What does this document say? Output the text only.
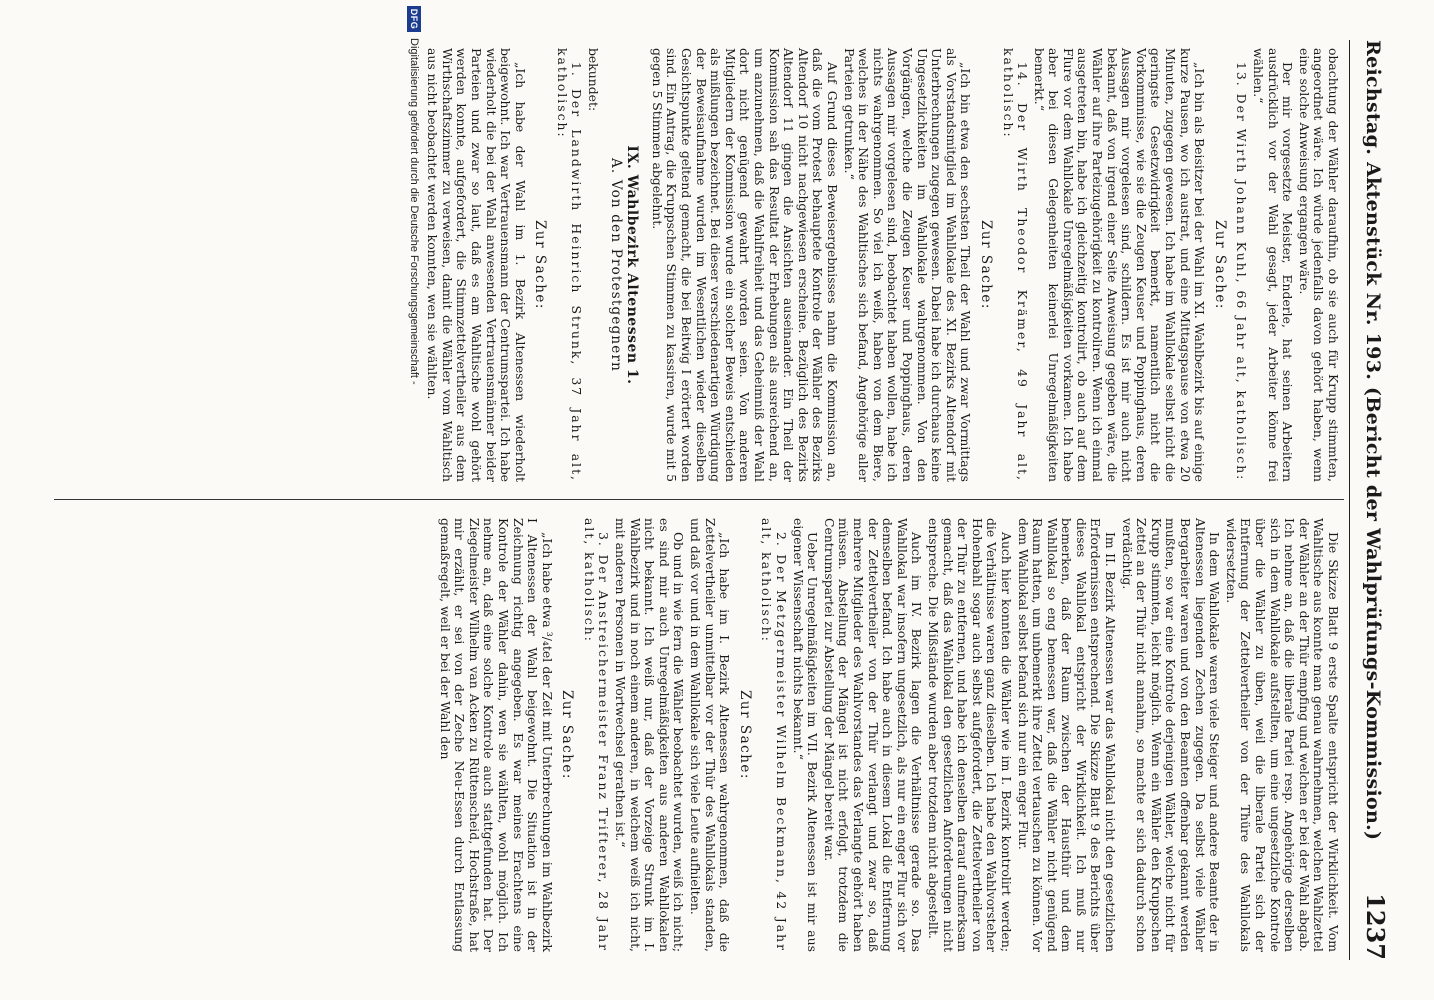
Reichstag. Aktenstück Nr. 193. (Bericht der Wahlprüfungs-Kommission.)
1237

obachtung der Wähler daraufhin, ob sie auch für Krupp stimmten, angeordnet wäre. Ich würde jedenfalls davon gehört haben, wenn eine solche Anweisung ergangen wäre.

Der mir vorgesetzte Meister, Enderle, hat seinen Arbeitern ausdrücklich vor der Wahl gesagt, jeder Arbeiter könne frei wählen.“

13. Der Wirth Johann Kuhl, 66 Jahr alt, katholisch:

Zur Sache:

„Ich bin als Beisitzer bei der Wahl im XI. Wahlbezirk bis auf einige kurze Pausen, wo ich austrat, und eine Mittagspause von etwa 20 Minuten, zugegen gewesen. Ich habe im Wahllokale selbst nicht die geringste Gesetzwidrigkeit bemerkt, namentlich nicht die Vorkommnisse, wie sie die Zeugen Keuser und Poppinghaus, deren Aussagen mir vorgelesen sind, schildern. Es ist mir auch nicht bekannt, daß von irgend einer Seite Anweisung gegeben wäre, die Wähler auf ihre Parteizugehörigkeit zu kontroliren. Wenn ich einmal ausgetreten bin, habe ich gleichzeitig kontrolirt, ob auch auf dem Flure vor dem Wahllokale Unregelmäßigkeiten vorkamen. Ich habe aber bei diesen Gelegenheiten keinerlei Unregelmäßigkeiten bemerkt.“

14. Der Wirth Theodor Krämer, 49 Jahr alt, katholisch:

Zur Sache:

„Ich bin etwa den sechsten Theil der Wahl und zwar Vormittags als Vorstandsmitglied im Wahllokale des XI. Bezirks Altendorf mit Unterbrechungen zugegen gewesen. Dabei habe ich durchaus keine Ungesetzlichkeiten im Wahllokale wahrgenommen. Von den Vorgängen, welche die Zeugen Keuser und Poppinghaus, deren Aussagen mir vorgelesen sind, beobachtet haben wollen, habe ich nichts wahrgenommen. So viel ich weiß, haben von dem Biere, welches in der Nähe des Wahltisches sich befand, Angehörige aller Parteien getrunken.“

Auf Grund dieses Beweisergebnisses nahm die Kommission an, daß die vom Protest behauptete Kontrole der Wähler des Bezirks Altendorf 10 nicht nachgewiesen erscheine. Bezüglich des Bezirks Altendorf 11 gingen die Ansichten auseinander. Ein Theil der Kommission sah das Resultat der Erhebungen als ausreichend an, um anzunehmen, daß die Wahlfreiheit und das Geheimniß der Wahl dort nicht genügend gewahrt worden seien. Von anderen Mitgliedern der Kommission wurde ein solcher Beweis entschieden als mißlungen bezeichnet. Bei dieser verschiedenartigen Würdigung der Beweisaufnahme wurden im Wesentlichen wieder dieselben Gesichtspunkte geltend gemacht, die bei Beitwig I erörtert worden sind. Ein Antrag, die Kruppschen Stimmen zu kassiren, wurde mit 5 gegen 5 Stimmen abgelehnt.

IX. Wahlbezirk Altenessen 1.

A. Von den Protestgegnern

bekundet:

1. Der Landwirth Heinrich Strunk, 37 Jahr alt, katholisch:

Zur Sache:

„Ich habe der Wahl im 1. Bezirk Altenessen wiederholt beigewohnt. Ich war Vertrauensmann der Centrumspartei. Ich habe wiederholt die bei der Wahl anwesenden Vertrauensmänner beider Parteien und zwar so laut, daß es am Wahltische wohl gehört werden konnte, aufgefordert, die Stimmzettelvertheiler aus dem Wirthschaftszimmer zu verweisen, damit die Wähler vom Wahltisch aus nicht beobachtet werden konnten, wen sie wählten.

Die Skizze Blatt 9 erste Spalte entspricht der Wirklichkeit. Vom Wahltische aus konnte man genau wahrnehmen, welchen Wahlzettel der Wähler an der Thür empfing und welchen er bei der Wahl abgab. Ich nehme an, daß die liberale Partei resp. Angehörige derselben sich in dem Wahllokale aufstellten, um eine ungesetzliche Kontrole über die Wähler zu üben, weil die liberale Partei sich der Entfernung der Zettelvertheiler von der Thüre des Wahllokals widersetzten.

In dem Wahllokale waren viele Steiger und andere Beamte der in Altenessen liegenden Zechen zugegen. Da selbst viele Wähler Bergarbeiter waren und von den Beamten offenbar gekannt werden mußten, so war eine Kontrole derjenigen Wähler, welche nicht für Krupp stimmten, leicht möglich. Wenn ein Wähler den Kruppschen Zettel an der Thür nicht annahm, so machte er sich dadurch schon verdächtig.

Im II. Bezirk Altenessen war das Wahllokal nicht den gesetzlichen Erfordernissen entsprechend. Die Skizze Blatt 9 des Berichts über dieses Wahllokal entspricht der Wirklichkeit. Ich muß nur bemerken, daß der Raum zwischen der Hausthür und dem Wahllokal so eng bemessen war, daß die Wähler nicht genügend Raum hatten, um unbemerkt ihre Zettel vertauschen zu können. Vor dem Wahllokal selbst befand sich nur ein enger Flur.

Auch hier konnten die Wähler wie im I. Bezirk kontrolirt werden; die Verhältnisse waren ganz dieselben. Ich habe den Wahlvorsteher Hohenbahl sogar auch selbst aufgefordert, die Zettelvertheiler von der Thür zu entfernen, und habe ich denselben darauf aufmerksam gemacht, daß das Wahllokal den gesetzlichen Anforderungen nicht entspreche. Die Mißstände wurden aber trotzdem nicht abgestellt.

Auch im IV. Bezirk lagen die Verhältnisse gerade so. Das Wahllokal war insofern ungesetzlich, als nur ein enger Flur sich vor demselben befand. Ich habe auch in diesem Lokal die Entfernung der Zettelvertheiler von der Thür verlangt und zwar so, daß mehrere Mitglieder des Wahlvorstandes das Verlangte gehört haben müssen. Abstellung der Mängel ist nicht erfolgt, trotzdem die Centrumspartei zur Abstellung der Mängel bereit war.

Ueber Unregelmäßigkeiten im VII. Bezirk Altenessen ist mir aus eigener Wissenschaft nichts bekannt.“

2. Der Metzgermeister Wilhelm Beckmann, 42 Jahr alt, katholisch:

Zur Sache:

„Ich habe im I. Bezirk Altenessen wahrgenommen, daß die Zettelvertheiler unmittelbar vor der Thür des Wahllokals standen, und daß vor und in dem Wahllokale sich viele Leute aufhielten.

Ob und in wie fern die Wähler beobachtet wurden, weiß ich nicht; es sind mir auch Unregelmäßigkeiten aus anderen Wahllokalen nicht bekannt. Ich weiß nur, daß der Vorzeige Strunk im I. Wahlbezirk und in noch einem anderen, in welchem weiß ich nicht, mit anderen Personen in Wortwechsel gerathen ist.“

3. Der Anstreichermeister Franz Trifterer, 28 Jahr alt, katholisch:

Zur Sache:

„Ich habe etwa ³/₄tel der Zeit mit Unterbrechungen im Wahlbezirk I Altenessen der Wahl beigewohnt. Die Situation ist in der Zeichnung richtig angegeben. Es war meines Erachtens eine Kontrole der Wähler dahin, wen sie wählten, wohl möglich. Ich nehme an, daß eine solche Kontrole auch stattgefunden hat. Der Ziegelmeister Wilhelm van Acken zu Rüttenscheid, Hochstraße, hat mir erzählt, er sei von der Zeche Neu-Essen durch Entlassung gemaßregelt, weil er bei der Wahl den

DFG
Digitalisierung gefördert durch die Deutsche Forschungsgemeinschaft -
